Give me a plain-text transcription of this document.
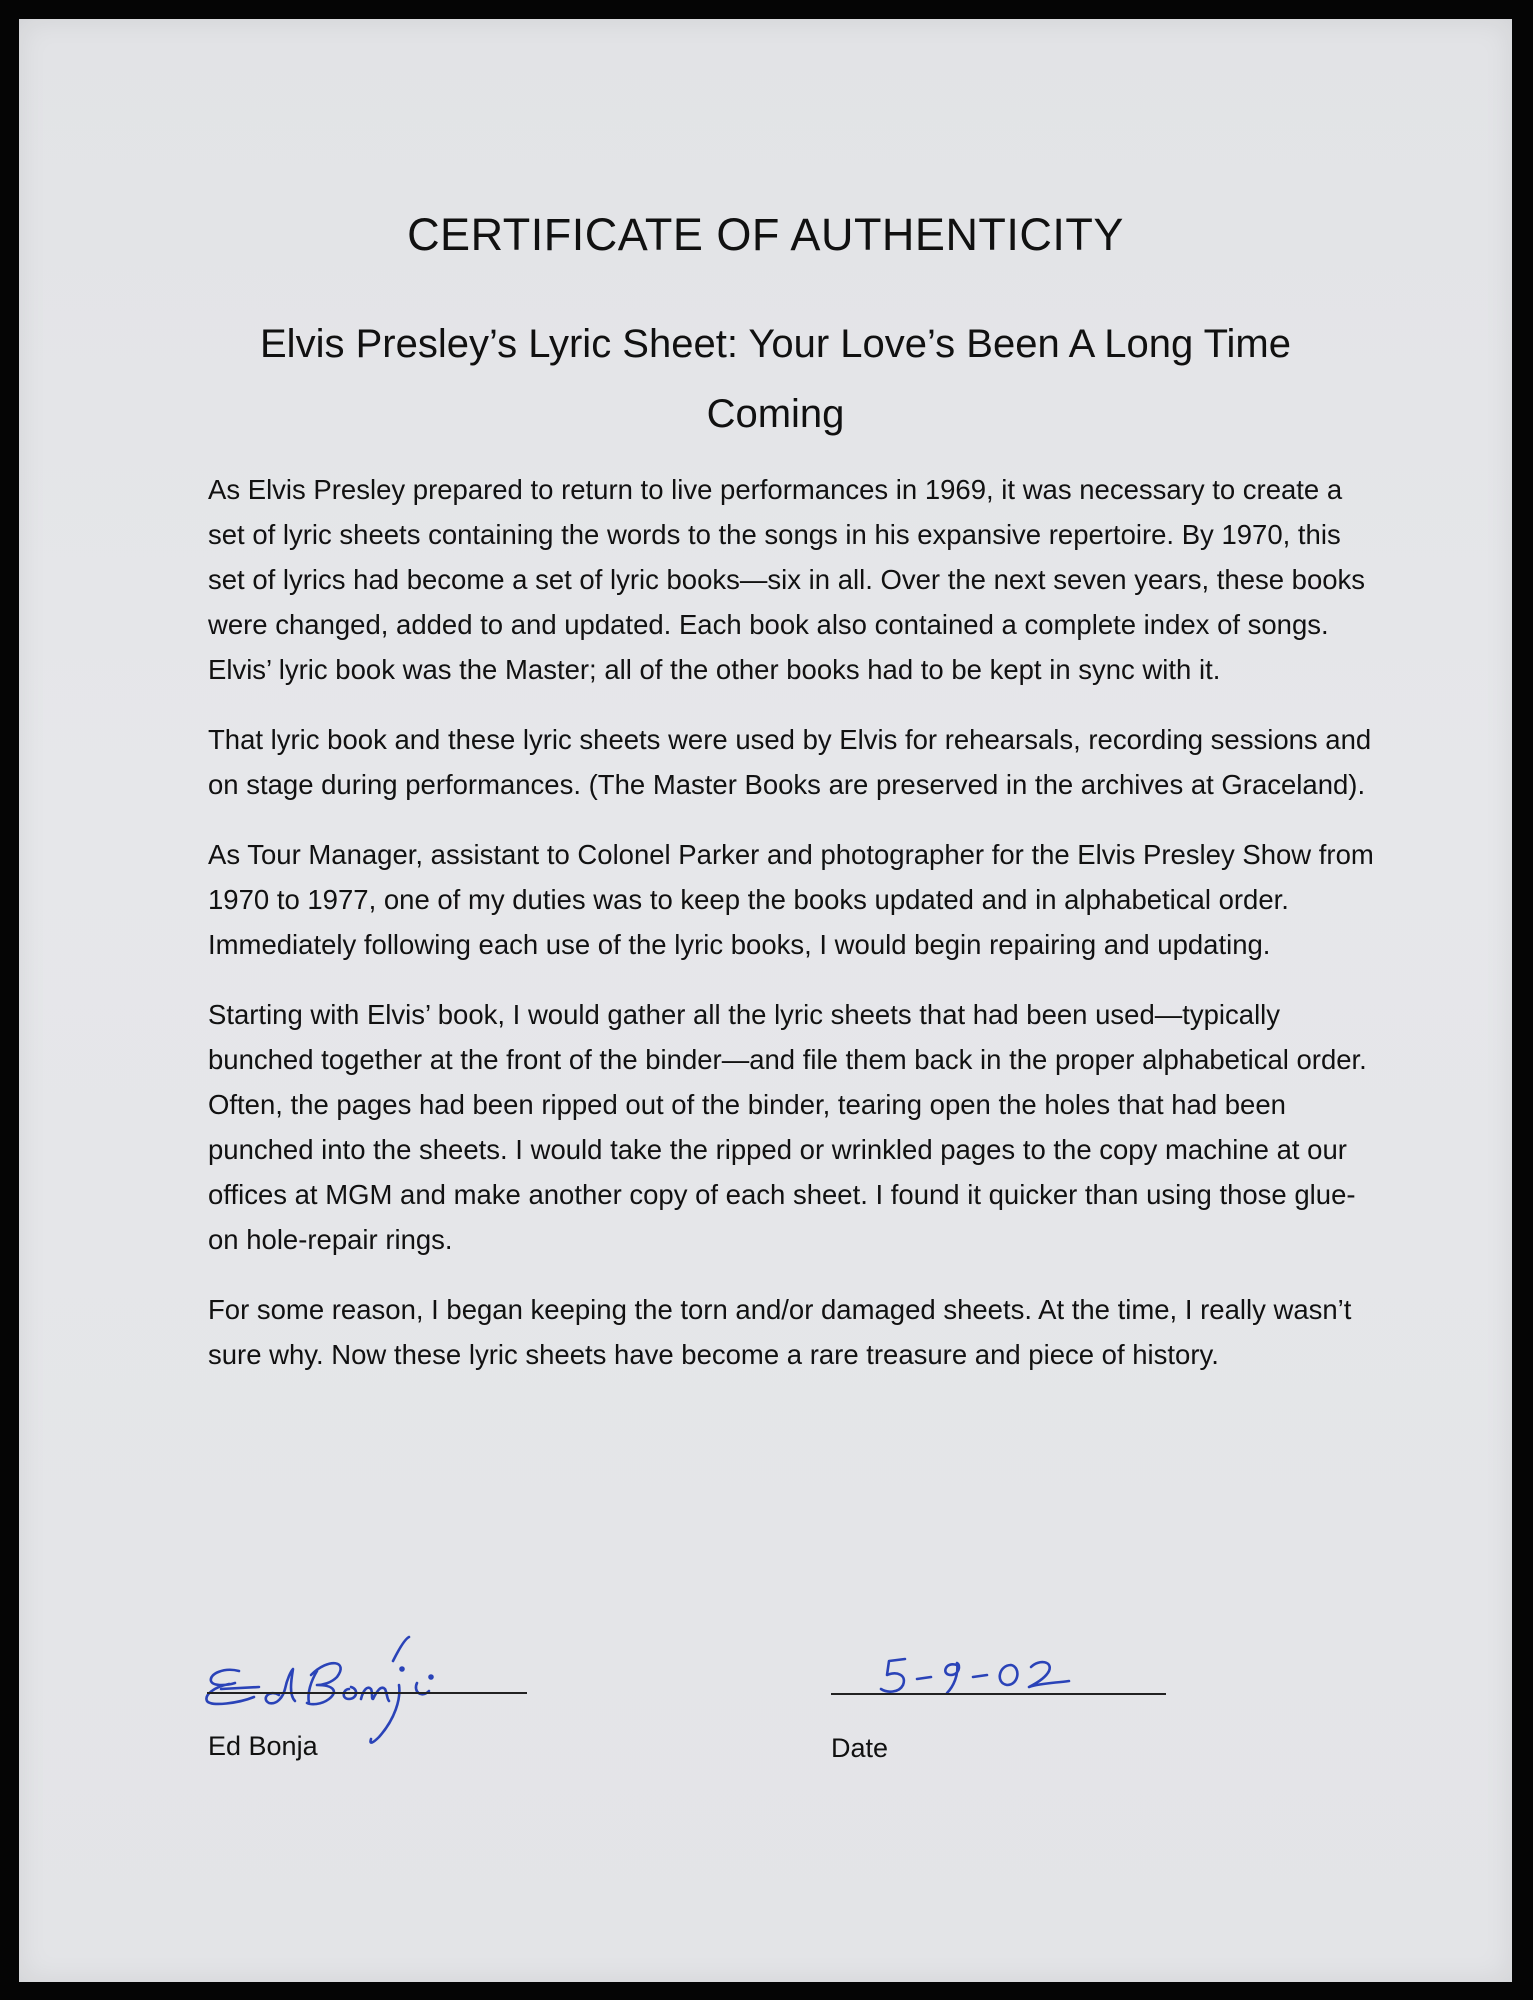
CERTIFICATE OF AUTHENTICITY
Elvis Presley’s Lyric Sheet: Your Love’s Been A Long Time Coming

As Elvis Presley prepared to return to live performances in 1969, it was necessary to create a set of lyric sheets containing the words to the songs in his expansive repertoire. By 1970, this set of lyrics had become a set of lyric books—six in all. Over the next seven years, these books were changed, added to and updated. Each book also contained a complete index of songs. Elvis’ lyric book was the Master; all of the other books had to be kept in sync with it.

That lyric book and these lyric sheets were used by Elvis for rehearsals, recording sessions and on stage during performances. (The Master Books are preserved in the archives at Graceland).

As Tour Manager, assistant to Colonel Parker and photographer for the Elvis Presley Show from 1970 to 1977, one of my duties was to keep the books updated and in alphabetical order. Immediately following each use of the lyric books, I would begin repairing and updating.

Starting with Elvis’ book, I would gather all the lyric sheets that had been used—typically bunched together at the front of the binder—and file them back in the proper alphabetical order. Often, the pages had been ripped out of the binder, tearing open the holes that had been punched into the sheets. I would take the ripped or wrinkled pages to the copy machine at our offices at MGM and make another copy of each sheet. I found it quicker than using those glue-on hole-repair rings.

For some reason, I began keeping the torn and/or damaged sheets. At the time, I really wasn’t sure why. Now these lyric sheets have become a rare treasure and piece of history.

Ed Bonja	Date
